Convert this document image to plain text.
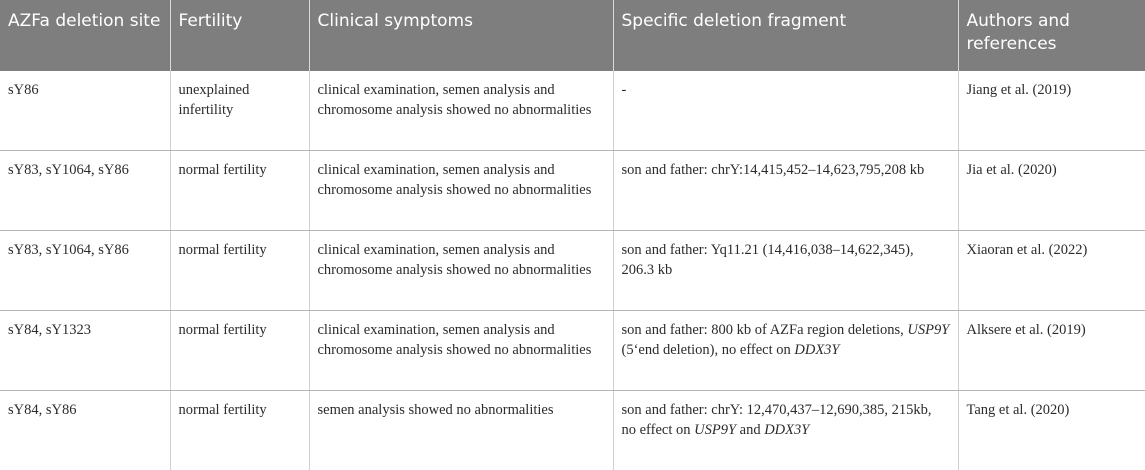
AZFa deletion site	Fertility	Clinical symptoms	Specific deletion fragment	Authors and references
sY86	unexplained infertility	clinical examination, semen analysis and chromosome analysis showed no abnormalities	-	Jiang et al. (2019)
sY83, sY1064, sY86	normal fertility	clinical examination, semen analysis and chromosome analysis showed no abnormalities	son and father: chrY:14,415,452–14,623,795,208 kb	Jia et al. (2020)
sY83, sY1064, sY86	normal fertility	clinical examination, semen analysis and chromosome analysis showed no abnormalities	son and father: Yq11.21 (14,416,038–14,622,345), 206.3 kb	Xiaoran et al. (2022)
sY84, sY1323	normal fertility	clinical examination, semen analysis and chromosome analysis showed no abnormalities	son and father: 800 kb of AZFa region deletions, USP9Y (5‘end deletion), no effect on DDX3Y	Alksere et al. (2019)
sY84, sY86	normal fertility	semen analysis showed no abnormalities	son and father: chrY: 12,470,437–12,690,385, 215kb, no effect on USP9Y and DDX3Y	Tang et al. (2020)
